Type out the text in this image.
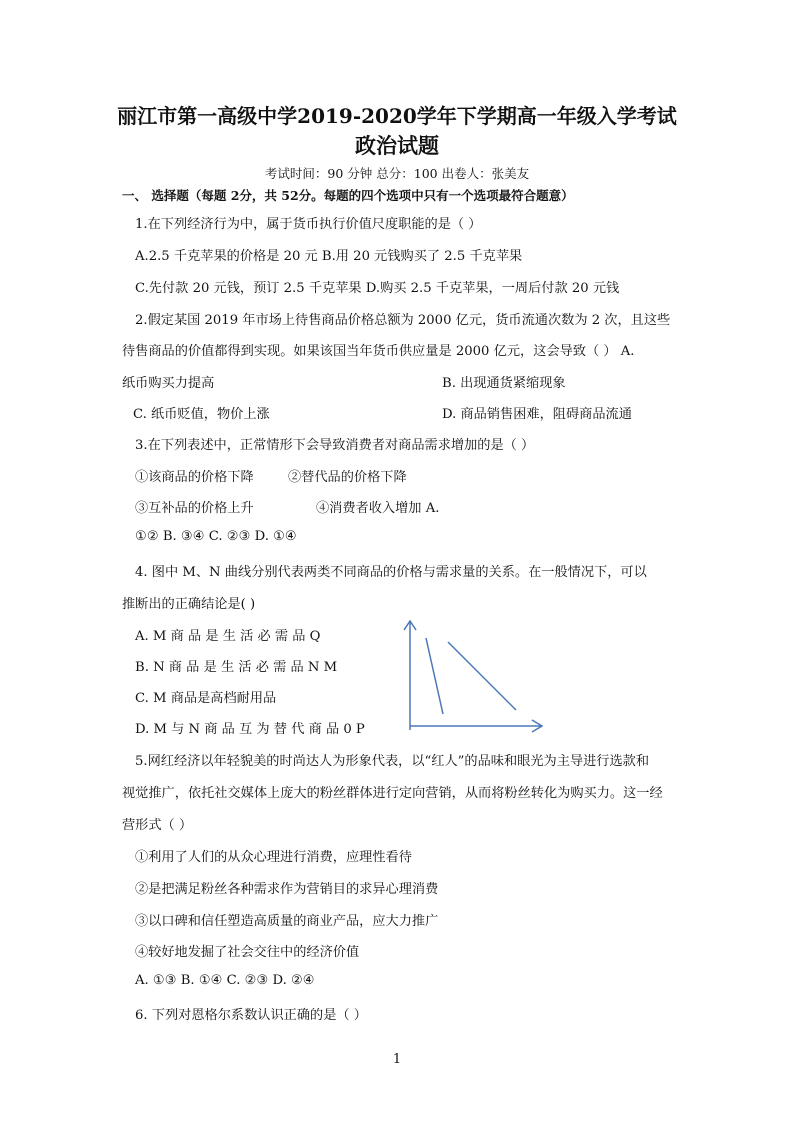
丽江市第一高级中学2019-2020学年下学期高一年级入学考试
政治试题
考试时间：90 分钟 总分：100 出卷人：张美友
一、 选择题（每题 2分，共 52分。每题的四个选项中只有一个选项最符合题意）
1.在下列经济行为中，属于货币执行价值尺度职能的是（ ）
A.2.5 千克苹果的价格是 20 元 B.用 20 元钱购买了 2.5 千克苹果
C.先付款 20 元钱，预订 2.5 千克苹果 D.购买 2.5 千克苹果，一周后付款 20 元钱
2.假定某国 2019 年市场上待售商品价格总额为 2000 亿元，货币流通次数为 2 次，且这些
待售商品的价值都得到实现。如果该国当年货币供应量是 2000 亿元，这会导致（ ） A.
纸币购买力提高	B. 出现通货紧缩现象
C. 纸币贬值，物价上涨	D. 商品销售困难，阻碍商品流通
3.在下列表述中，正常情形下会导致消费者对商品需求增加的是（ ）
①该商品的价格下降	②替代品的价格下降
③互补品的价格上升	④消费者收入增加 A.
①② B. ③④ C. ②③ D. ①④
4. 图中 M、N 曲线分别代表两类不同商品的价格与需求量的关系。在一般情况下，可以
推断出的正确结论是( )
A. M 商 品 是 生 活 必 需 品 Q
B. N 商 品 是 生 活 必 需 品 N M
C. M 商品是高档耐用品
D. M 与 N 商 品 互 为 替 代 商 品 0 P
5.网红经济以年轻貌美的时尚达人为形象代表，以“红人”的品味和眼光为主导进行选款和
视觉推广，依托社交媒体上庞大的粉丝群体进行定向营销，从而将粉丝转化为购买力。这一经
营形式（ ）
①利用了人们的从众心理进行消费，应理性看待
②是把满足粉丝各种需求作为营销目的求异心理消费
③以口碑和信任塑造高质量的商业产品，应大力推广
④较好地发掘了社会交往中的经济价值
A. ①③ B. ①④ C. ②③ D. ②④
6. 下列对恩格尔系数认识正确的是（ ）
1
